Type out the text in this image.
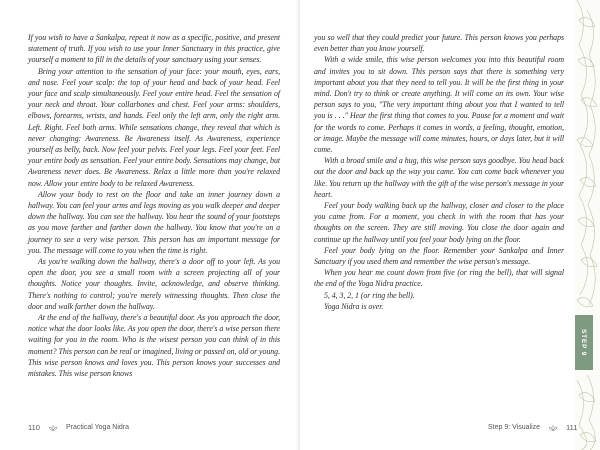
If you wish to have a Sankalpa, repeat it now as a specific, positive, and present statement of truth. If you wish to use your Inner Sanctuary in this practice, give yourself a moment to fill in the details of your sanctuary using your senses.

Bring your attention to the sensation of your face: your mouth, eyes, ears, and nose. Feel your scalp: the top of your head and back of your head. Feel your face and scalp simultaneously. Feel your entire head. Feel the sensation of your neck and throat. Your collarbones and chest. Feel your arms: shoulders, elbows, forearms, wrists, and hands. Feel only the left arm, only the right arm. Left. Right. Feel both arms. While sensations change, they reveal that which is never changing: Awareness. Be Awareness itself. As Awareness, experience yourself as belly, back. Now feel your pelvis. Feel your legs. Feel your feet. Feel your entire body as sensation. Feel your entire body. Sensations may change, but Awareness never does. Be Awareness. Relax a little more than you're relaxed now. Allow your entire body to be relaxed Awareness.

Allow your body to rest on the floor and take an inner journey down a hallway. You can feel your arms and legs moving as you walk deeper and deeper down the hallway. You can see the hallway. You hear the sound of your footsteps as you move farther and farther down the hallway. You know that you're on a journey to see a very wise person. This person has an important message for you. The message will come to you when the time is right.

As you're walking down the hallway, there's a door off to your left. As you open the door, you see a small room with a screen projecting all of your thoughts. Notice your thoughts. Invite, acknowledge, and observe thinking. There's nothing to control; you're merely witnessing thoughts. Then close the door and walk farther down the hallway.

At the end of the hallway, there's a beautiful door. As you approach the door, notice what the door looks like. As you open the door, there's a wise person there waiting for you in the room. Who is the wisest person you can think of in this moment? This person can be real or imagined, living or passed on, old or young. This wise person knows and loves you. This person knows your successes and mistakes. This wise person knows

110	Practical Yoga Nidra

you so well that they could predict your future. This person knows you perhaps even better than you know yourself.

With a wide smile, this wise person welcomes you into this beautiful room and invites you to sit down. This person says that there is something very important about you that they need to tell you. It will be the first thing in your mind. Don't try to think or create anything. It will come on its own. Your wise person says to you, "The very important thing about you that I wanted to tell you is . . ." Hear the first thing that comes to you. Pause for a moment and wait for the words to come. Perhaps it comes in words, a feeling, thought, emotion, or image. Maybe the message will come minutes, hours, or days later, but it will come.

With a broad smile and a hug, this wise person says goodbye. You head back out the door and back up the way you came. You can come back whenever you like. You return up the hallway with the gift of the wise person's message in your heart.

Feel your body walking back up the hallway, closer and closer to the place you came from. For a moment, you check in with the room that has your thoughts on the screen. They are still moving. You close the door again and continue up the hallway until you feel your body lying on the floor.

Feel your body lying on the floor. Remember your Sankalpa and Inner Sanctuary if you used them and remember the wise person's message.

When you hear me count down from five (or ring the bell), that will signal the end of the Yoga Nidra practice.

5, 4, 3, 2, 1 (or ring the bell).

Yoga Nidra is over.

STEP 9
Step 9: Visualize	111
